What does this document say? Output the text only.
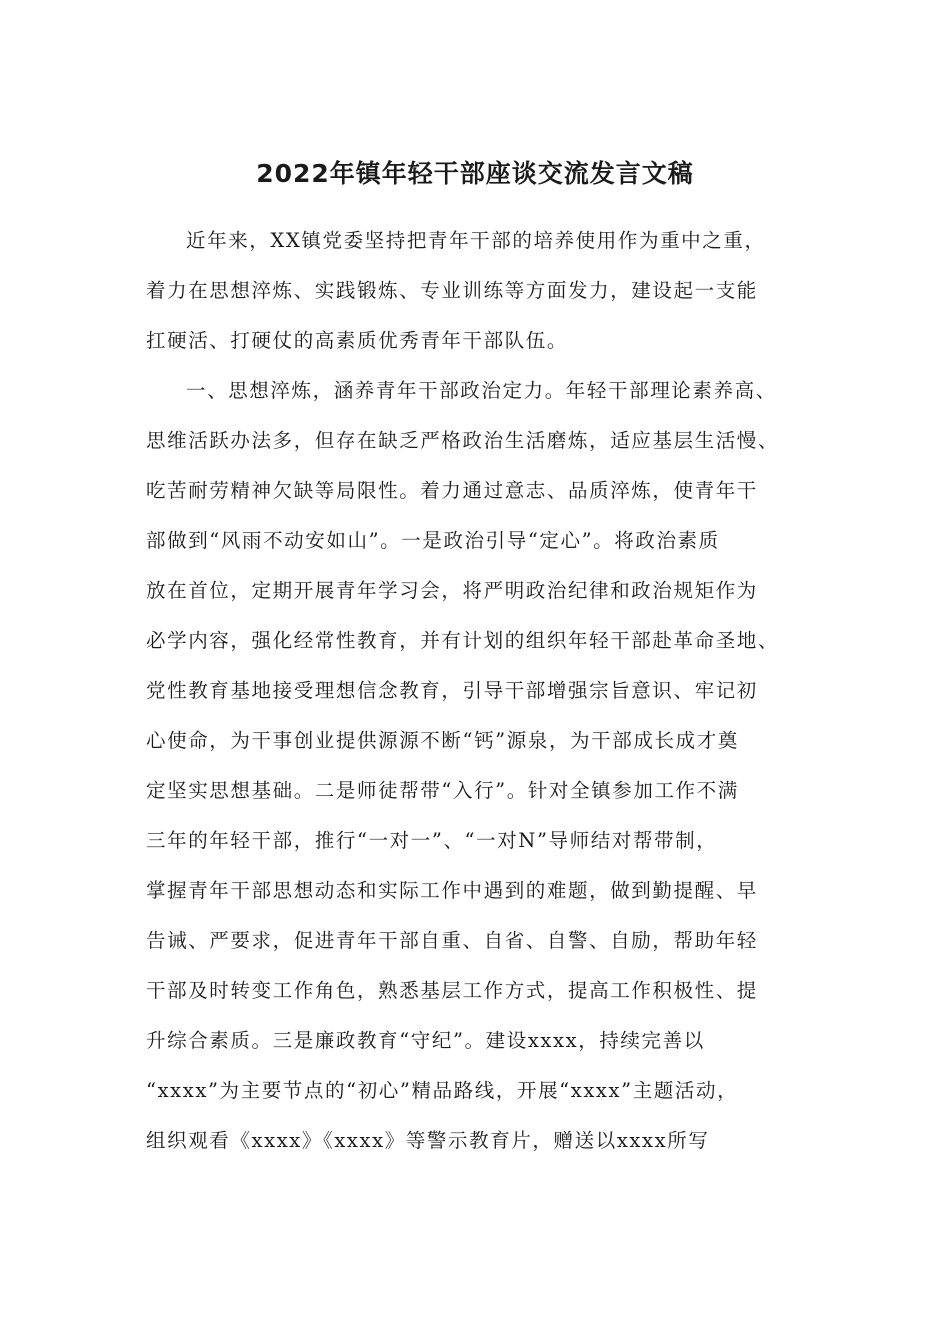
2022年镇年轻干部座谈交流发言文稿
近年来，XX镇党委坚持把青年干部的培养使用作为重中之重，
着力在思想淬炼、实践锻炼、专业训练等方面发力，建设起一支能
扛硬活、打硬仗的高素质优秀青年干部队伍。
一、思想淬炼，涵养青年干部政治定力。年轻干部理论素养高、
思维活跃办法多，但存在缺乏严格政治生活磨炼，适应基层生活慢、
吃苦耐劳精神欠缺等局限性。着力通过意志、品质淬炼，使青年干
部做到“风雨不动安如山”。一是政治引导“定心”。将政治素质
放在首位，定期开展青年学习会，将严明政治纪律和政治规矩作为
必学内容，强化经常性教育，并有计划的组织年轻干部赴革命圣地、
党性教育基地接受理想信念教育，引导干部增强宗旨意识、牢记初
心使命，为干事创业提供源源不断“钙”源泉，为干部成长成才奠
定坚实思想基础。二是师徒帮带“入行”。针对全镇参加工作不满
三年的年轻干部，推行“一对一”、“一对N”导师结对帮带制，
掌握青年干部思想动态和实际工作中遇到的难题，做到勤提醒、早
告诫、严要求，促进青年干部自重、自省、自警、自励，帮助年轻
干部及时转变工作角色，熟悉基层工作方式，提高工作积极性、提
升综合素质。三是廉政教育“守纪”。建设xxxx，持续完善以
“xxxx”为主要节点的“初心”精品路线，开展“xxxx”主题活动，
组织观看《xxxx》《xxxx》等警示教育片，赠送以xxxx所写
